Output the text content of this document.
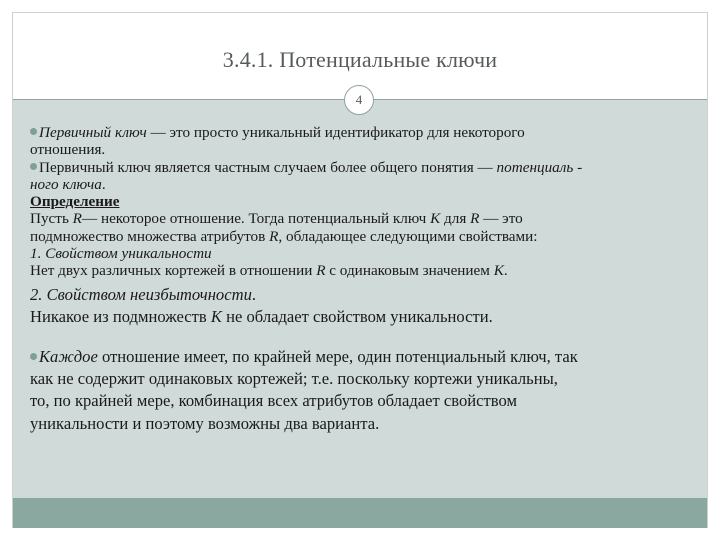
3.4.1. Потенциальные ключи
4

Первичный ключ — это просто уникальный идентификатор для некоторого

отношения.

Первичный ключ является частным случаем более общего понятия — потенциаль -

ного ключа.

Определение

Пусть R— некоторое отношение. Тогда потенциальный ключ K для R — это

подмножество множества атрибутов R, обладающее следующими свойствами:

1. Свойством уникальности

Нет двух различных кортежей в отношении R с одинаковым значением K.

2. Свойством неизбыточности.

Никакое из подмножеств K не обладает свойством уникальности.

Каждое отношение имеет, по крайней мере, один потенциальный ключ, так

как не содержит одинаковых кортежей; т.е. поскольку кортежи уникальны,

то, по крайней мере, комбинация всех атрибутов обладает свойством

уникальности и поэтому возможны два варианта.
